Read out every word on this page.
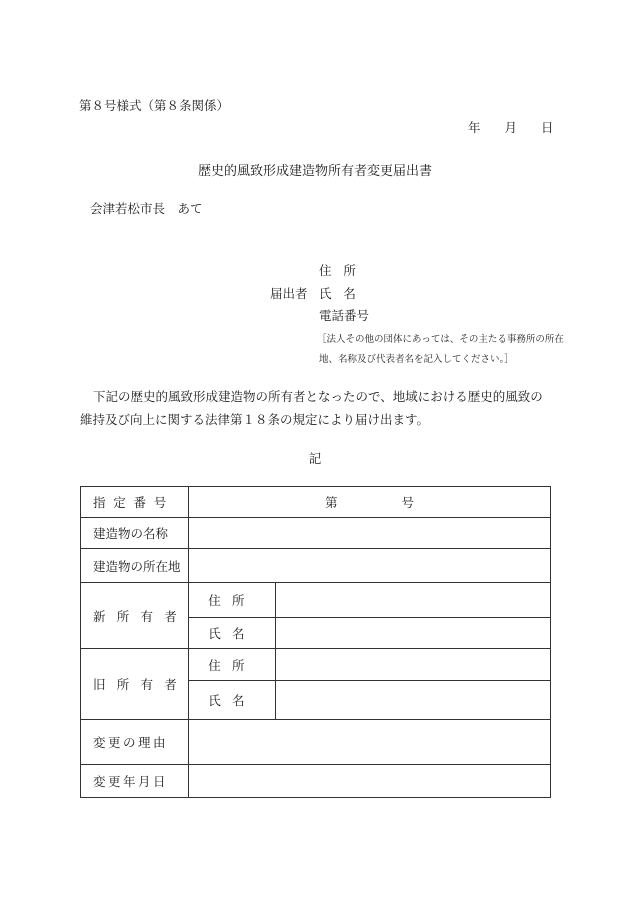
第８号様式（第８条関係）
年 月 日
歴史的風致形成建造物所有者変更届出書
会津若松市長　あて
住所
届出者 氏名
電話番号
［法人その他の団体にあっては、その主たる事務所の所在
地、名称及び代表者名を記入してください。］
下記の歴史的風致形成建造物の所有者となったので、地域における歴史的風致の維持及び向上に関する法律第１８条の規定により届け出ます。
記
指定番号	第 号	
建造物の名称		
建造物の所在地		
新所有者	住所	
	氏名	
旧所有者	住所	
	氏名	
変更の理由		
変更年月日		
